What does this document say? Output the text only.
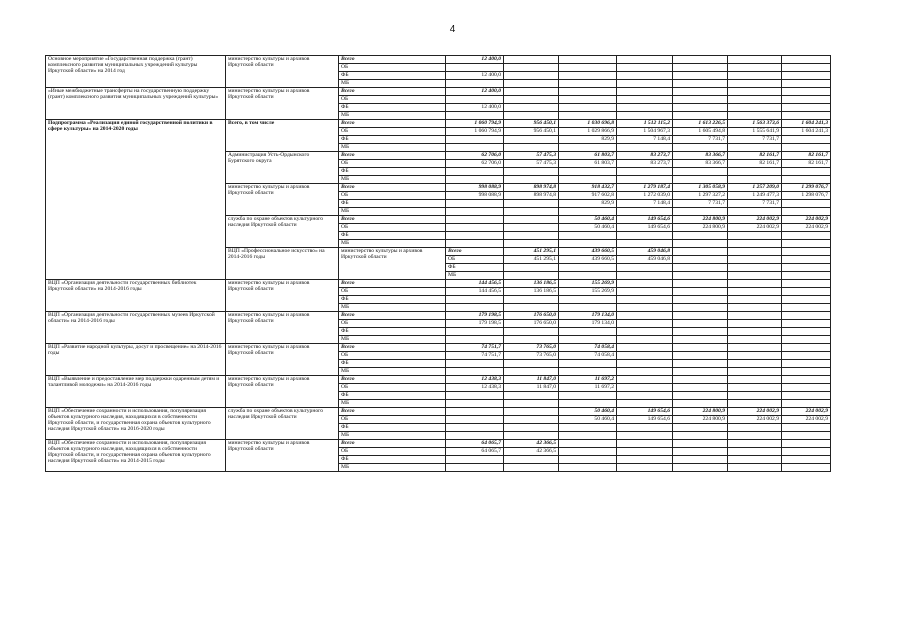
4
Основное мероприятие «Государственная поддержка (грант) комплексного развития муниципальных учреждений культуры Иркутской области» на 2014 год	министерство культуры и архивов Иркутской области	Всего	12 400,0							
		ОБ								
		ФБ	12 400,0							
		МБ								
«Иные межбюджетные трансферты на государственную поддержку (грант) комплексного развития муниципальных учреждений культуры»	министерство культуры и архивов Иркутской области	Всего	12 400,0							
		ОБ								
		ФБ	12 400,0							
		МБ								
Подпрограмма «Реализация единой государственной политики в сфере культуры» на 2014-2020 годы	Всего, в том числе	Всего	1 060 794,9	956 450,1	1 030 696,8	1 512 115,2	1 613 226,5	1 563 373,6	1 604 241,3	
		ОБ	1 060 794,9	956 450,1	1 029 866,9	1 504 967,3	1 605 494,8	1 555 641,9	1 604 241,3	
		ФБ			829,9	7 148,4	7 731,7	7 731,7		
		МБ								
	Администрация Усть-Ордынского Бурятского округа	Всего	62 706,0	57 475,3	61 803,7	83 273,7	83 366,7	82 161,7	82 161,7	
		ОБ	62 706,0	57 475,3	61 803,7	83 273,7	83 366,7	82 161,7	82 161,7	
		ФБ								
		МБ								
	министерство культуры и архивов Иркутской области	Всего	998 088,9	898 974,8	918 432,7	1 279 187,4	1 305 058,9	1 257 209,0	1 299 076,7	
		ОБ	998 088,9	898 974,8	917 602,8	1 272 039,0	1 297 327,2	1 249 477,3	1 298 076,7	
		ФБ			829,9	7 148,4	7 731,7	7 731,7		
		МБ								
	служба по охране объектов культурного наследия Иркутской области	Всего			50 460,4	149 654,6	224 800,9	224 002,9	224 002,9	
		ОБ			50 460,4	149 654,6	224 800,9	224 002,9	224 002,9	
		ФБ								
		МБ								
	ВЦП «Профессиональное искусство» на 2014-2016 годы	министерство культуры и архивов Иркутской области	Всего	451 295,1	439 660,5	459 046,8				
			ОБ	451 295,1	439 660,5	459 046,8				
			ФБ							
			МБ							
ВЦП «Организация деятельности государственных библиотек Иркутской области» на 2014-2016 годы	министерство культуры и архивов Иркутской области	Всего	144 456,5	136 186,5	155 269,9					
		ОБ	144 456,5	136 186,5	155 269,9					
		ФБ								
		МБ								
ВЦП «Организация деятельности государственных музеев Иркутской области» на 2014-2016 годы	министерство культуры и архивов Иркутской области	Всего	179 198,5	176 650,0	179 134,0					
		ОБ	179 198,5	176 650,0	179 134,0					
		ФБ								
		МБ								
ВЦП «Развитие народной культуры, досуг и просвещение» на 2014-2016 годы	министерство культуры и архивов Иркутской области	Всего	74 751,7	73 765,0	74 058,4					
		ОБ	74 751,7	73 765,0	74 058,4					
		ФБ								
		МБ								
ВЦП «Выявление и предоставление мер поддержки одаренным детям и талантливой молодежи» на 2014-2016 годы	министерство культуры и архивов Иркутской области	Всего	12 438,3	11 847,0	11 697,2					
		ОБ	12 438,3	11 847,0	11 697,2					
		ФБ								
		МБ								
ВЦП «Обеспечение сохранности и использования, популяризация объектов культурного наследия, находящихся в собственности Иркутской области, и государственная охрана объектов культурного наследия Иркутской области» на 2016-2020 годы	служба по охране объектов культурного наследия Иркутской области	Всего			50 460,4	149 654,6	224 800,9	224 002,9	224 002,9	
		ОБ			50 460,4	149 654,6	224 800,9	224 002,9	224 002,9	
		ФБ								
		МБ								
ВЦП «Обеспечение сохранности и использования, популяризация объектов культурного наследия, находящихся в собственности Иркутской области, и государственная охрана объектов культурного наследия Иркутской области» на 2014-2015 годы	министерство культуры и архивов Иркутской области	Всего	64 065,7	42 366,5						
		ОБ	64 065,7	42 366,5						
		ФБ								
		МБ								
